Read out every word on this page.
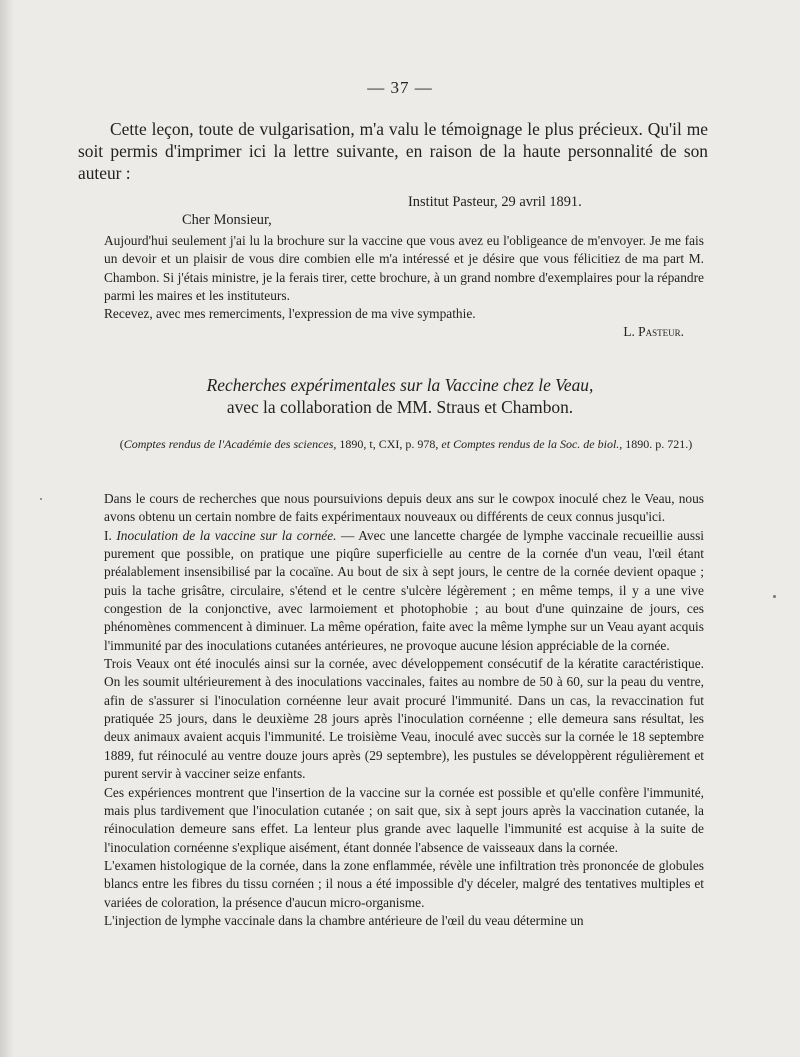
— 37 —

Cette leçon, toute de vulgarisation, m'a valu le témoignage le plus précieux. Qu'il me soit permis d'imprimer ici la lettre suivante, en raison de la haute personnalité de son auteur :

Institut Pasteur, 29 avril 1891.
Cher Monsieur,

Aujourd'hui seulement j'ai lu la brochure sur la vaccine que vous avez eu l'obligeance de m'envoyer. Je me fais un devoir et un plaisir de vous dire combien elle m'a intéressé et je désire que vous félicitiez de ma part M. Chambon. Si j'étais ministre, je la ferais tirer, cette brochure, à un grand nombre d'exemplaires pour la répandre parmi les maires et les instituteurs.

Recevez, avec mes remerciments, l'expression de ma vive sympathie.

L. Pasteur.
Recherches expérimentales sur la Vaccine chez le Veau,
avec la collaboration de MM. Straus et Chambon.
(Comptes rendus de l'Académie des sciences, 1890, t, CXI, p. 978, et Comptes rendus de la Soc. de biol., 1890. p. 721.)

Dans le cours de recherches que nous poursuivions depuis deux ans sur le cowpox inoculé chez le Veau, nous avons obtenu un certain nombre de faits expérimentaux nouveaux ou différents de ceux connus jusqu'ici.

I. Inoculation de la vaccine sur la cornée. — Avec une lancette chargée de lymphe vaccinale recueillie aussi purement que possible, on pratique une piqûre superficielle au centre de la cornée d'un veau, l'œil étant préalablement insensibilisé par la cocaïne. Au bout de six à sept jours, le centre de la cornée devient opaque ; puis la tache grisâtre, circulaire, s'étend et le centre s'ulcère légèrement ; en même temps, il y a une vive congestion de la conjonctive, avec larmoiement et photophobie ; au bout d'une quinzaine de jours, ces phénomènes commencent à diminuer. La même opération, faite avec la même lymphe sur un Veau ayant acquis l'immunité par des inoculations cutanées antérieures, ne provoque aucune lésion appréciable de la cornée.

Trois Veaux ont été inoculés ainsi sur la cornée, avec développement consécutif de la kératite caractéristique. On les soumit ultérieurement à des inoculations vaccinales, faites au nombre de 50 à 60, sur la peau du ventre, afin de s'assurer si l'inoculation cornéenne leur avait procuré l'immunité. Dans un cas, la revaccination fut pratiquée 25 jours, dans le deuxième 28 jours après l'inoculation cornéenne ; elle demeura sans résultat, les deux animaux avaient acquis l'immunité. Le troisième Veau, inoculé avec succès sur la cornée le 18 septembre 1889, fut réinoculé au ventre douze jours après (29 septembre), les pustules se développèrent régulièrement et purent servir à vacciner seize enfants.

Ces expériences montrent que l'insertion de la vaccine sur la cornée est possible et qu'elle confère l'immunité, mais plus tardivement que l'inoculation cutanée ; on sait que, six à sept jours après la vaccination cutanée, la réinoculation demeure sans effet. La lenteur plus grande avec laquelle l'immunité est acquise à la suite de l'inoculation cornéenne s'explique aisément, étant donnée l'absence de vaisseaux dans la cornée.

L'examen histologique de la cornée, dans la zone enflammée, révèle une infiltration très prononcée de globules blancs entre les fibres du tissu cornéen ; il nous a été impossible d'y déceler, malgré des tentatives multiples et variées de coloration, la présence d'aucun micro-organisme.

L'injection de lymphe vaccinale dans la chambre antérieure de l'œil du veau détermine un
